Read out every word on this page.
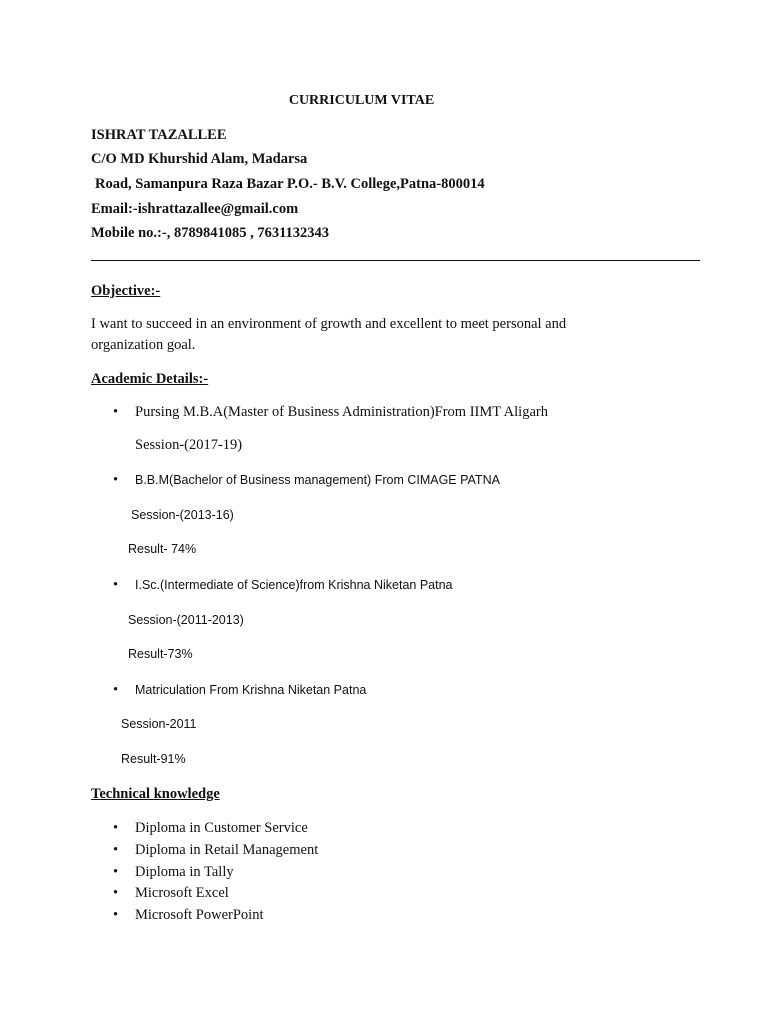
CURRICULUM VITAE
ISHRAT TAZALLEE
C/O MD Khurshid Alam, Madarsa
Road, Samanpura Raza Bazar P.O.- B.V. College,Patna-800014
Email:-ishrattazallee@gmail.com
Mobile no.:-, 8789841085 , 7631132343
Objective:-
I want to succeed in an environment of growth and excellent to meet personal and organization goal.
Academic Details:-
• Pursing M.B.A(Master of Business Administration)From IIMT Aligarh
Session-(2017-19)
• B.B.M(Bachelor of Business management) From CIMAGE PATNA
Session-(2013-16)
Result- 74%
• I.Sc.(Intermediate of Science)from Krishna Niketan Patna
Session-(2011-2013)
Result-73%
• Matriculation From Krishna Niketan Patna
Session-2011
Result-91%
Technical knowledge
• Diploma in Customer Service
• Diploma in Retail Management
• Diploma in Tally
• Microsoft Excel
• Microsoft PowerPoint
